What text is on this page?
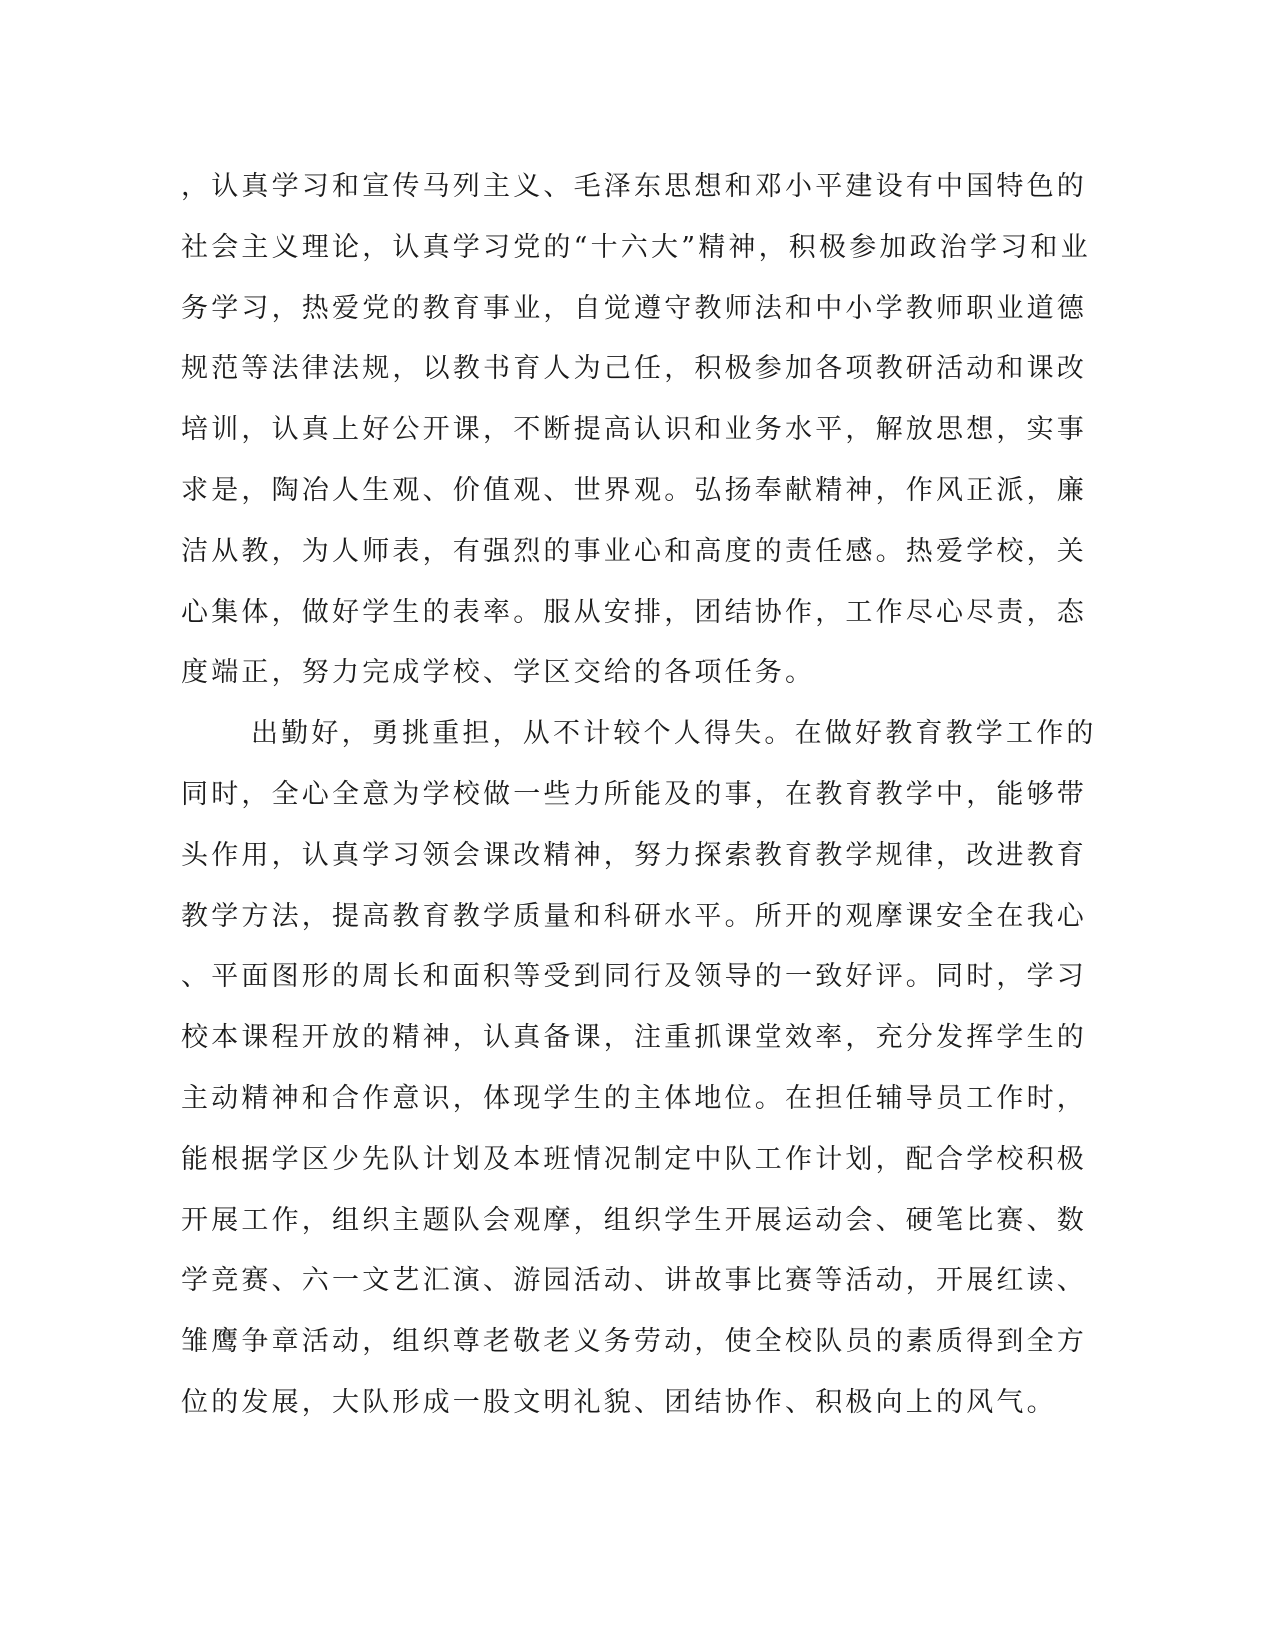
，认真学习和宣传马列主义、毛泽东思想和邓小平建设有中国特色的
社会主义理论，认真学习党的“十六大”精神，积极参加政治学习和业
务学习，热爱党的教育事业，自觉遵守教师法和中小学教师职业道德
规范等法律法规，以教书育人为己任，积极参加各项教研活动和课改
培训，认真上好公开课，不断提高认识和业务水平，解放思想，实事
求是，陶冶人生观、价值观、世界观。弘扬奉献精神，作风正派，廉
洁从教，为人师表，有强烈的事业心和高度的责任感。热爱学校，关
心集体，做好学生的表率。服从安排，团结协作，工作尽心尽责，态
度端正，努力完成学校、学区交给的各项任务。
出勤好，勇挑重担，从不计较个人得失。在做好教育教学工作的
同时，全心全意为学校做一些力所能及的事，在教育教学中，能够带
头作用，认真学习领会课改精神，努力探索教育教学规律，改进教育
教学方法，提高教育教学质量和科研水平。所开的观摩课安全在我心
、平面图形的周长和面积等受到同行及领导的一致好评。同时，学习
校本课程开放的精神，认真备课，注重抓课堂效率，充分发挥学生的
主动精神和合作意识，体现学生的主体地位。在担任辅导员工作时，
能根据学区少先队计划及本班情况制定中队工作计划，配合学校积极
开展工作，组织主题队会观摩，组织学生开展运动会、硬笔比赛、数
学竞赛、六一文艺汇演、游园活动、讲故事比赛等活动，开展红读、
雏鹰争章活动，组织尊老敬老义务劳动，使全校队员的素质得到全方
位的发展，大队形成一股文明礼貌、团结协作、积极向上的风气。
